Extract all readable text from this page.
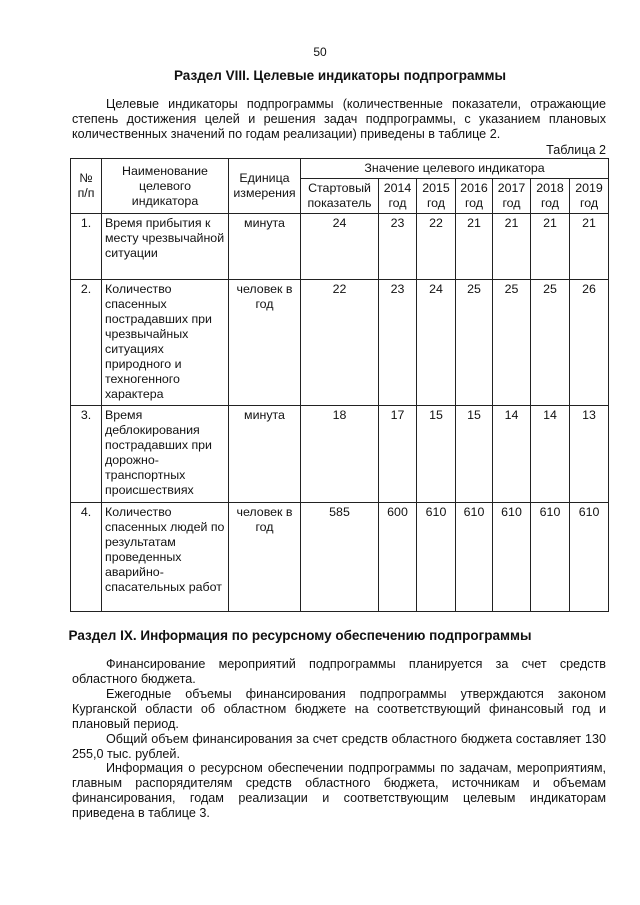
50
Раздел VIII. Целевые индикаторы подпрограммы
Целевые индикаторы подпрограммы (количественные показатели, отражающие степень достижения целей и решения задач подпрограммы, с указанием плановых количественных значений по годам реализации) приведены в таблице 2.
Таблица 2
№ п/п	Наименование целевого индикатора	Единица измерения	Значение целевого индикатора						
			Стартовый показатель	2014 год	2015 год	2016 год	2017 год	2018 год	2019 год
1.	Время прибытия к месту чрезвычайной ситуации	минута	24	23	22	21	21	21	21
2.	Количество спасенных пострадавших при чрезвычайных ситуациях природного и техногенного характера	человек в год	22	23	24	25	25	25	26
3.	Время деблокирования пострадавших при дорожно-транспортных происшествиях	минута	18	17	15	15	14	14	13
4.	Количество спасенных людей по результатам проведенных аварийно-спасательных работ	человек в год	585	600	610	610	610	610	610
Раздел IX. Информация по ресурсному обеспечению подпрограммы
Финансирование мероприятий подпрограммы планируется за счет средств областного бюджета.
Ежегодные объемы финансирования подпрограммы утверждаются законом Курганской области об областном бюджете на соответствующий финансовый год и плановый период.
Общий объем финансирования за счет средств областного бюджета составляет 130 255,0 тыс. рублей.
Информация о ресурсном обеспечении подпрограммы по задачам, мероприятиям, главным распорядителям средств областного бюджета, источникам и объемам финансирования, годам реализации и соответствующим целевым индикаторам приведена в таблице 3.
